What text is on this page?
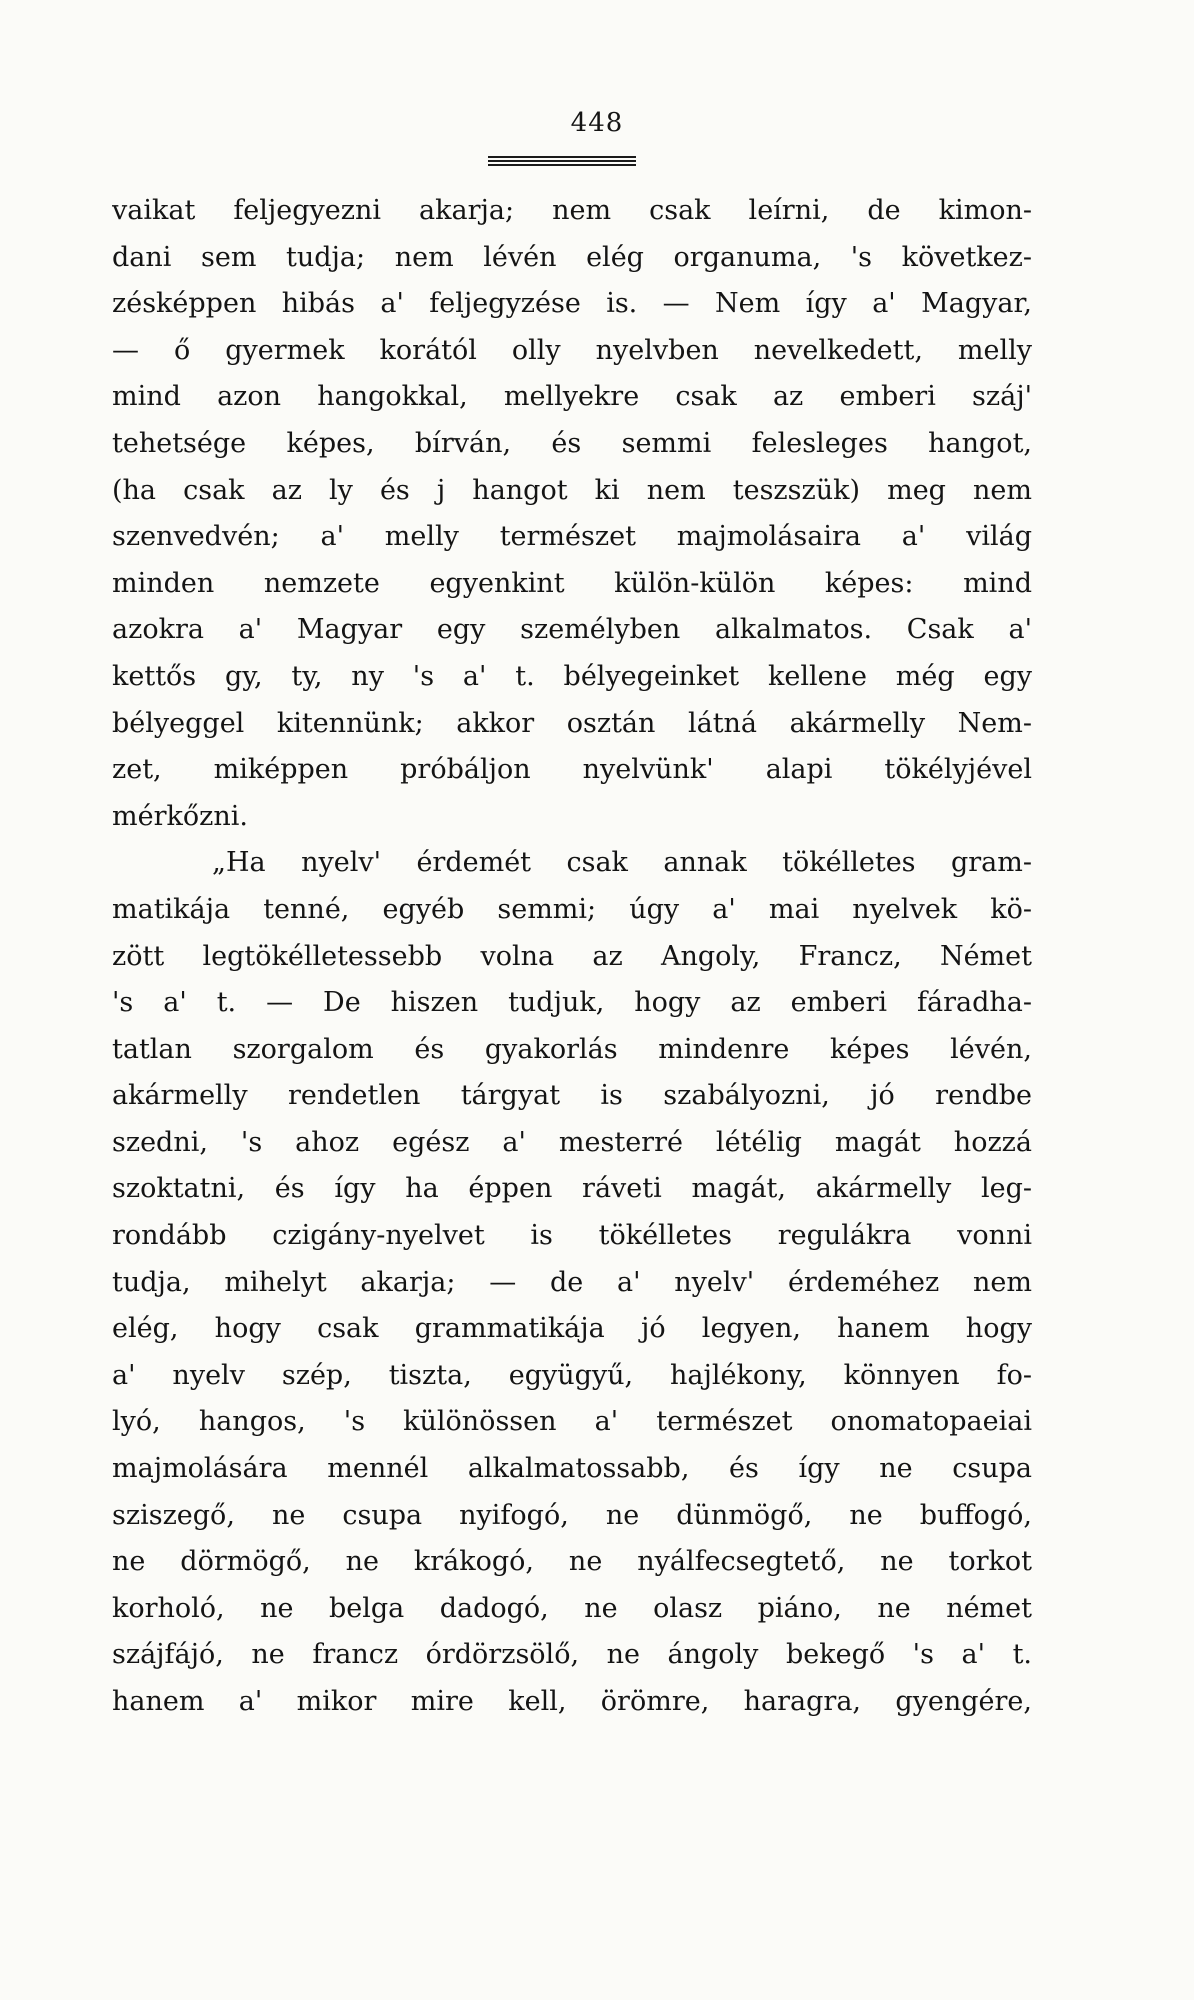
448
vaikat feljegyezni akarja; nem csak leírni, de kimon-
dani sem tudja; nem lévén elég organuma, 's következ-
zésképpen hibás a' feljegyzése is. — Nem így a' Magyar,
— ő gyermek korától olly nyelvben nevelkedett, melly
mind azon hangokkal, mellyekre csak az emberi száj'
tehetsége képes, bírván, és semmi felesleges hangot,
(ha csak az ly és j hangot ki nem teszszük) meg nem
szenvedvén; a' melly természet majmolásaira a' világ
minden nemzete egyenkint külön-külön képes: mind
azokra a' Magyar egy személyben alkalmatos. Csak a'
kettős gy, ty, ny 's a' t. bélyegeinket kellene még egy
bélyeggel kitennünk; akkor osztán látná akármelly Nem-
zet, miképpen próbáljon nyelvünk' alapi tökélyjével
mérkőzni.
„Ha nyelv' érdemét csak annak tökélletes gram-
matikája tenné, egyéb semmi; úgy a' mai nyelvek kö-
zött legtökélletessebb volna az Angoly, Francz, Német
's a' t. — De hiszen tudjuk, hogy az emberi fáradha-
tatlan szorgalom és gyakorlás mindenre képes lévén,
akármelly rendetlen tárgyat is szabályozni, jó rendbe
szedni, 's ahoz egész a' mesterré létélig magát hozzá
szoktatni, és így ha éppen ráveti magát, akármelly leg-
rondább czigány-nyelvet is tökélletes regulákra vonni
tudja, mihelyt akarja; — de a' nyelv' érdeméhez nem
elég, hogy csak grammatikája jó legyen, hanem hogy
a' nyelv szép, tiszta, együgyű, hajlékony, könnyen fo-
lyó, hangos, 's különössen a' természet onomatopaeiai
majmolására mennél alkalmatossabb, és így ne csupa
sziszegő, ne csupa nyifogó, ne dünmögő, ne buffogó,
ne dörmögő, ne krákogó, ne nyálfecsegtető, ne torkot
korholó, ne belga dadogó, ne olasz piáno, ne német
szájfájó, ne francz órdörzsölő, ne ángoly bekegő 's a' t.
hanem a' mikor mire kell, örömre, haragra, gyengére,
